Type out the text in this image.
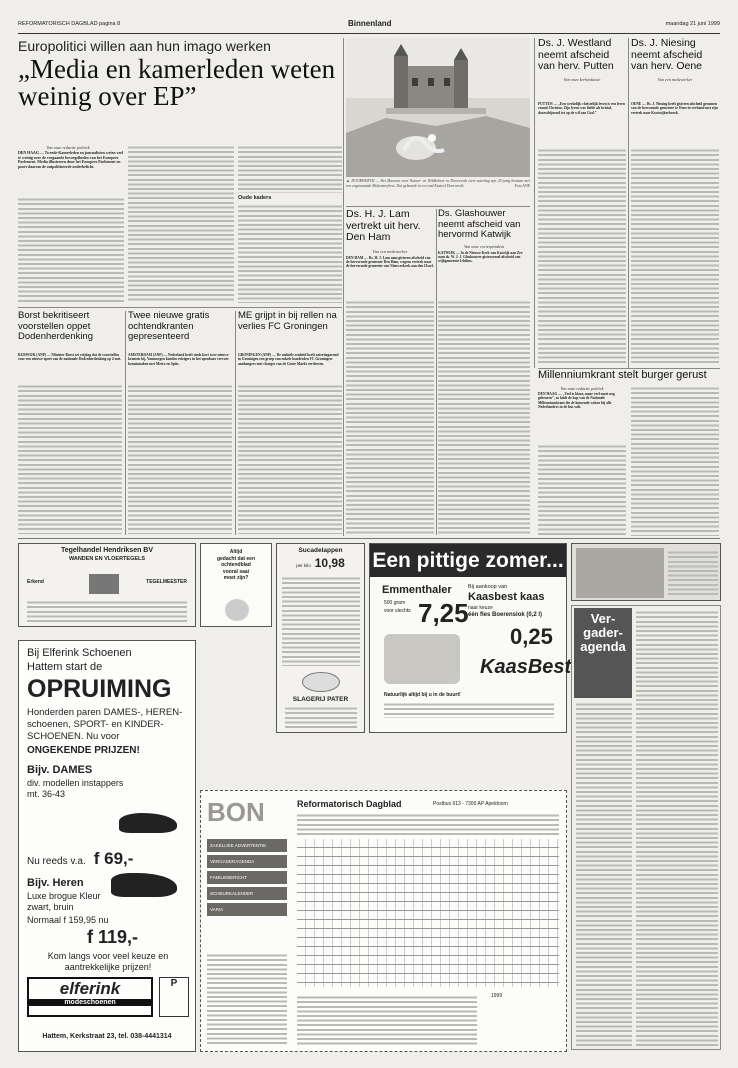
REFORMATORISCH DAGBLAD pagina 8	Binnenland	maandag 21 juni 1999
Europolitici willen aan hun imago werken
„Media en kamerleden weten weinig over EP”
Van onze redactie politiek
DEN HAAG — Tweede-Kamerleden en journalisten weten veel te weinig over de vergaande bevoegdheden van het Europees Parlement. Media illustreren door het Europees Parlement en poort daarom de ontpolitiseerde onderbelicht.
Oude kaders
▲ DOORWERTH — Het Museum voor Natuur- en Wildbeheer in Doorwerth viert zaterdag zijn 25-jarig bestaan met een zogenaamde Midzomerfeest. Dat gebeurde in en rond Kasteel Doorwerth.	Foto ANP
Ds. H. J. Lam vertrekt uit herv. Den Ham
Van een medewerker
DEN HAM — Ds. H. J. Lam nam gisteren afscheid van de hervormde gemeente Den Ham, wegens vertrek naar de hervormde gemeente van Nieuwerkerk aan den IJssel.
Ds. Glashouwer neemt afscheid van hervormd Katwijk
Van onze correspondent
KATWIJK — In de Nieuwe Kerk van Katwijk aan Zee nam ds. W. J. J. Glashouwer gisteravond afscheid van wijkgemeente Ichthus.
Ds. J. Westland neemt afscheid van herv. Putten
Van onze kerkredactie
PUTTEN — „Een werkelijk christelijk leven is een leven vanuit Christus. Zijn leven was liefde als kristal, doorschijnend tot op de wil van God.”
Ds. J. Niesing neemt afscheid van herv. Oene
Van een medewerker
OENE — Ds. J. Niesing heeft gisteren afscheid genomen van de hervormde gemeente te Oene in verband met zijn vertrek naar Kootwijkerbroek.
Millenniumkrant stelt burger gerust
Van onze redactie politiek
DEN HAAG — „Veel is klaar, maar veel moet nog gebeuren”, zo luidt de kop van de Nationale Millenniumkrant die de komende weken bij alle Nederlanders in de bus valt.
Borst bekritiseert voorstellen oppet Dodenherdenking
RIJSWIJK (ANP) — Minister Borst zei vrijdag dat de voorstellen voor een nieuwe opzet van de nationale Dodenherdenking op 4 mei.
Twee nieuwe gratis ochtendkranten gepresenteerd
AMSTERDAM (ANP) — Nederland heeft sinds kort twee nieuwe kranten bij. Vanmorgen konden reizigers in het openbaar vervoer kennismaken met Metro en Spits.
ME grijpt in bij rellen na verlies FC Groningen
GRONINGEN (ANP) — De mobiele eenheid heeft zaterdagavond in Groningen een groep van enkele honderden FC Groningen-aanhangers met charges van de Grote Markt verdreven.
Tegelhandel Hendriksen BV
WANDEN EN VLOERTEGELS
Erkend	TEGELMEESTER
Altijd
gedacht dat een
ochtendblad
vooral saai
moet zijn?
Sucadelappen
per kilo 10,98
SLAGERIJ PATER
Een pittige zomer...
Emmenthaler
500 gram
voor slechts 7,25
Bij aankoop van
Kaasbest kaas
naar keuze
één fles Boerenslok (0,2 l)
0,25
KaasBest
Natuurlijk altijd bij u in de buurt!
Ver-gader-agenda
Bij Elferink Schoenen
Hattem start de
OPRUIMING
Honderden paren DAMES-, HEREN-schoenen, SPORT- en KINDER-SCHOENEN. Nu voor
ONGEKENDE PRIJZEN!
Bijv. DAMES
div. modellen instappers mt. 36-43
Nu reeds v.a. f 69,-
Bijv. Heren
Luxe brogue Kleur zwart, bruin
Normaal f 159,95 nu
f 119,-
Kom langs voor veel keuze en aantrekkelijke prijzen!
elferink
modeschoenen
P
Hattem, Kerkstraat 23, tel. 038-4441314
BON	Reformatorisch Dagblad	Postbus 613 - 7300 AP Apeldoorn
ZAKELIJKE ADVERTENTIE
VERGADERAGENDA
FAMILIEBERICHT
SCHEURKALENDER
VARIA
1999
